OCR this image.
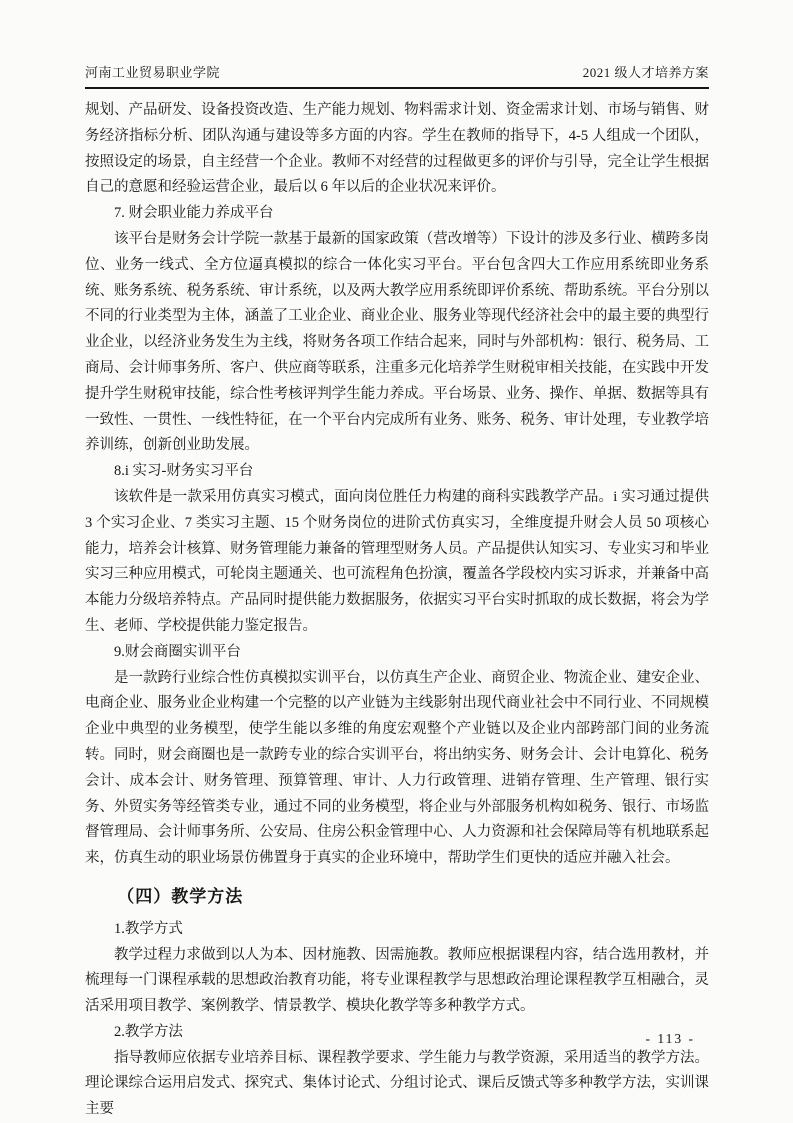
河南工业贸易职业学院	2021 级人才培养方案

规划、产品研发、设备投资改造、生产能力规划、物料需求计划、资金需求计划、市场与销售、财务经济指标分析、团队沟通与建设等多方面的内容。学生在教师的指导下，4-5 人组成一个团队，按照设定的场景，自主经营一个企业。教师不对经营的过程做更多的评价与引导，完全让学生根据自己的意愿和经验运营企业，最后以 6 年以后的企业状况来评价。

7. 财会职业能力养成平台

该平台是财务会计学院一款基于最新的国家政策（营改增等）下设计的涉及多行业、横跨多岗位、业务一线式、全方位逼真模拟的综合一体化实习平台。平台包含四大工作应用系统即业务系统、账务系统、税务系统、审计系统，以及两大教学应用系统即评价系统、帮助系统。平台分别以不同的行业类型为主体，涵盖了工业企业、商业企业、服务业等现代经济社会中的最主要的典型行业企业，以经济业务发生为主线，将财务各项工作结合起来，同时与外部机构：银行、税务局、工商局、会计师事务所、客户、供应商等联系，注重多元化培养学生财税审相关技能，在实践中开发提升学生财税审技能，综合性考核评判学生能力养成。平台场景、业务、操作、单据、数据等具有一致性、一贯性、一线性特征，在一个平台内完成所有业务、账务、税务、审计处理，专业教学培养训练，创新创业助发展。

8.i 实习-财务实习平台

该软件是一款采用仿真实习模式，面向岗位胜任力构建的商科实践教学产品。i 实习通过提供 3 个实习企业、7 类实习主题、15 个财务岗位的进阶式仿真实习，全维度提升财会人员 50 项核心能力，培养会计核算、财务管理能力兼备的管理型财务人员。产品提供认知实习、专业实习和毕业实习三种应用模式，可轮岗主题通关、也可流程角色扮演，覆盖各学段校内实习诉求，并兼备中高本能力分级培养特点。产品同时提供能力数据服务，依据实习平台实时抓取的成长数据，将会为学生、老师、学校提供能力鉴定报告。

9.财会商圈实训平台

是一款跨行业综合性仿真模拟实训平台，以仿真生产企业、商贸企业、物流企业、建安企业、电商企业、服务业企业构建一个完整的以产业链为主线影射出现代商业社会中不同行业、不同规模企业中典型的业务模型，使学生能以多维的角度宏观整个产业链以及企业内部跨部门间的业务流转。同时，财会商圈也是一款跨专业的综合实训平台，将出纳实务、财务会计、会计电算化、税务会计、成本会计、财务管理、预算管理、审计、人力行政管理、进销存管理、生产管理、银行实务、外贸实务等经管类专业，通过不同的业务模型，将企业与外部服务机构如税务、银行、市场监督管理局、会计师事务所、公安局、住房公积金管理中心、人力资源和社会保障局等有机地联系起来，仿真生动的职业场景仿佛置身于真实的企业环境中，帮助学生们更快的适应并融入社会。

（四）教学方法

1.教学方式

教学过程力求做到以人为本、因材施教、因需施教。教师应根据课程内容，结合选用教材，并梳理每一门课程承载的思想政治教育功能，将专业课程教学与思想政治理论课程教学互相融合，灵活采用项目教学、案例教学、情景教学、模块化教学等多种教学方式。

2.教学方法

指导教师应依据专业培养目标、课程教学要求、学生能力与教学资源，采用适当的教学方法。理论课综合运用启发式、探究式、集体讨论式、分组讨论式、课后反馈式等多种教学方法，实训课主要

- 113 -
